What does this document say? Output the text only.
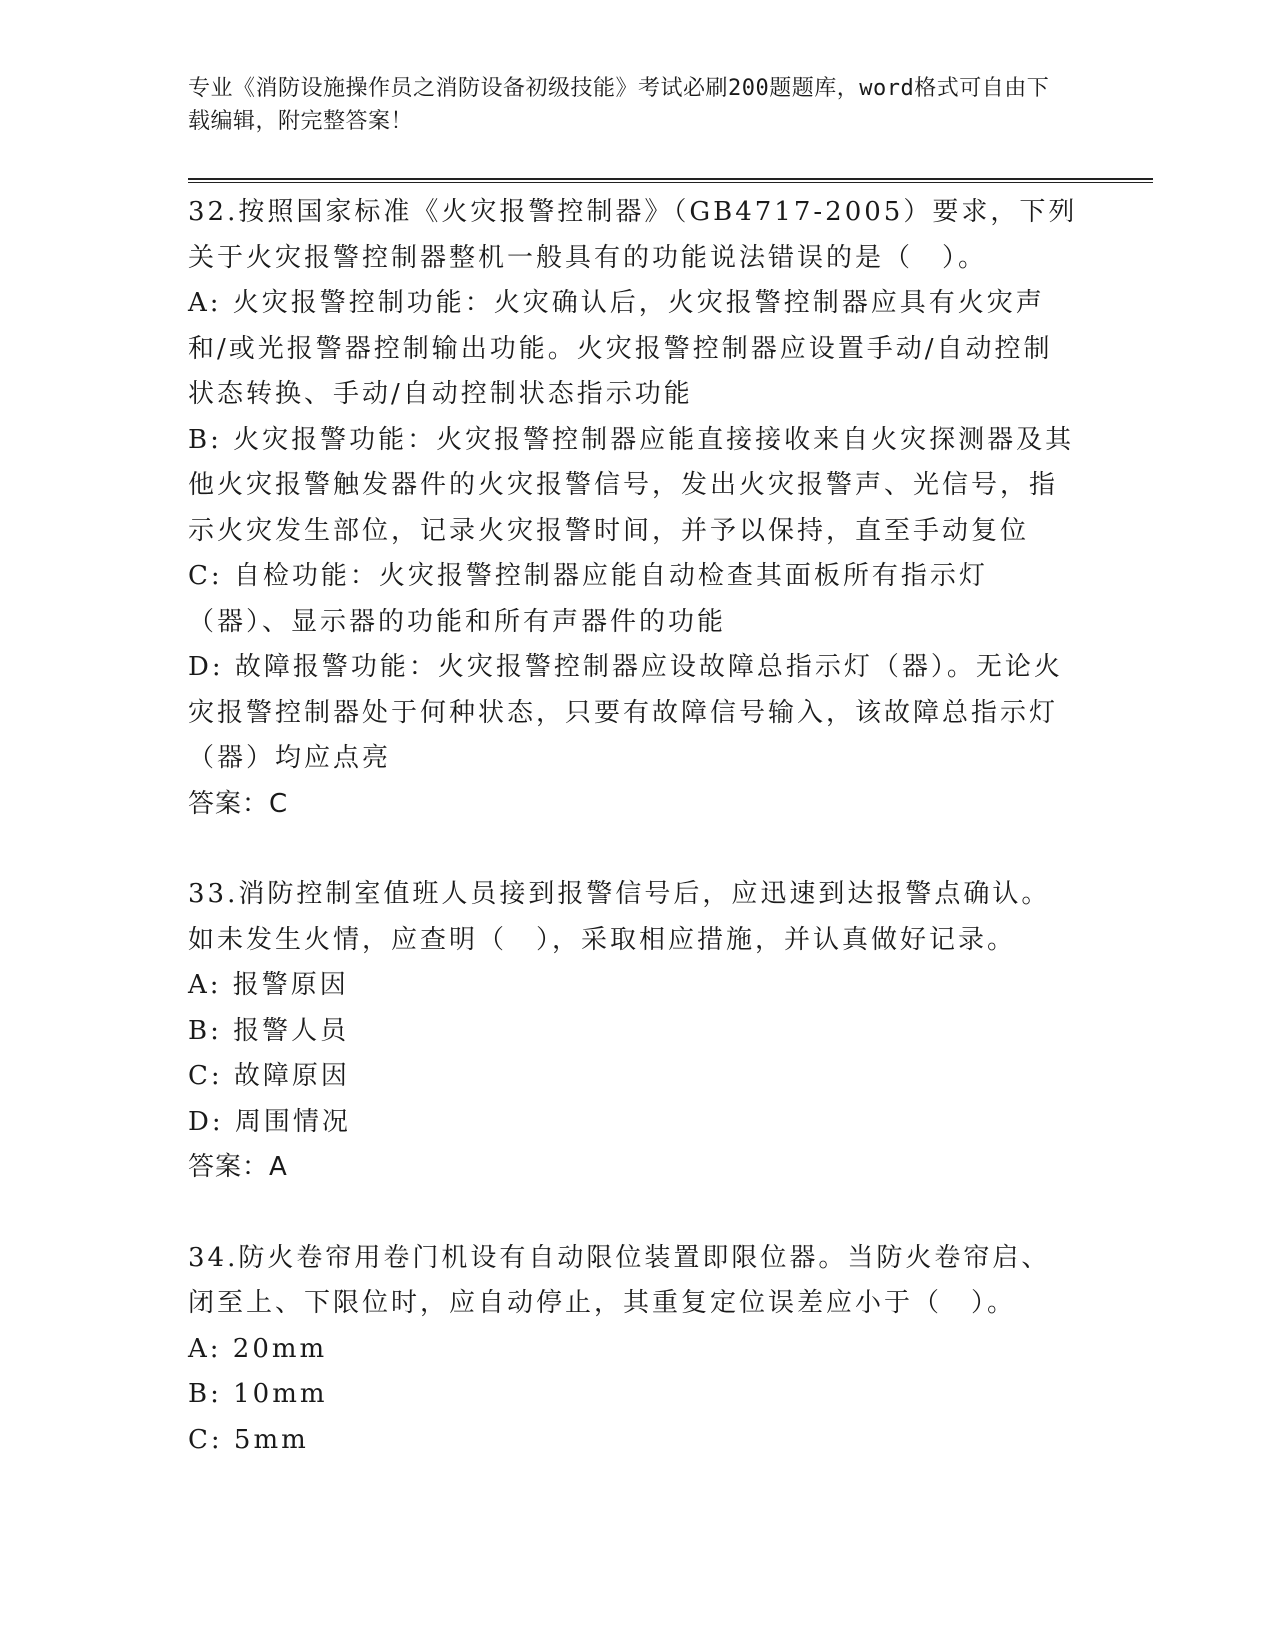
专业《消防设施操作员之消防设备初级技能》考试必刷200题题库，word格式可自由下载编辑，附完整答案！

32.按照国家标准《火灾报警控制器》（GB4717-2005）要求，下列关于火灾报警控制器整机一般具有的功能说法错误的是（　）。

A: 火灾报警控制功能：火灾确认后，火灾报警控制器应具有火灾声和/或光报警器控制输出功能。火灾报警控制器应设置手动/自动控制状态转换、手动/自动控制状态指示功能

B: 火灾报警功能：火灾报警控制器应能直接接收来自火灾探测器及其他火灾报警触发器件的火灾报警信号，发出火灾报警声、光信号，指示火灾发生部位，记录火灾报警时间，并予以保持，直至手动复位

C: 自检功能：火灾报警控制器应能自动检查其面板所有指示灯（器）、显示器的功能和所有声器件的功能

D: 故障报警功能：火灾报警控制器应设故障总指示灯（器）。无论火灾报警控制器处于何种状态，只要有故障信号输入，该故障总指示灯（器）均应点亮

答案：C

33.消防控制室值班人员接到报警信号后，应迅速到达报警点确认。如未发生火情，应查明（　），采取相应措施，并认真做好记录。

A: 报警原因

B: 报警人员

C: 故障原因

D: 周围情况

答案：A

34.防火卷帘用卷门机设有自动限位装置即限位器。当防火卷帘启、闭至上、下限位时，应自动停止，其重复定位误差应小于（　）。

A: 20mm

B: 10mm

C: 5mm
